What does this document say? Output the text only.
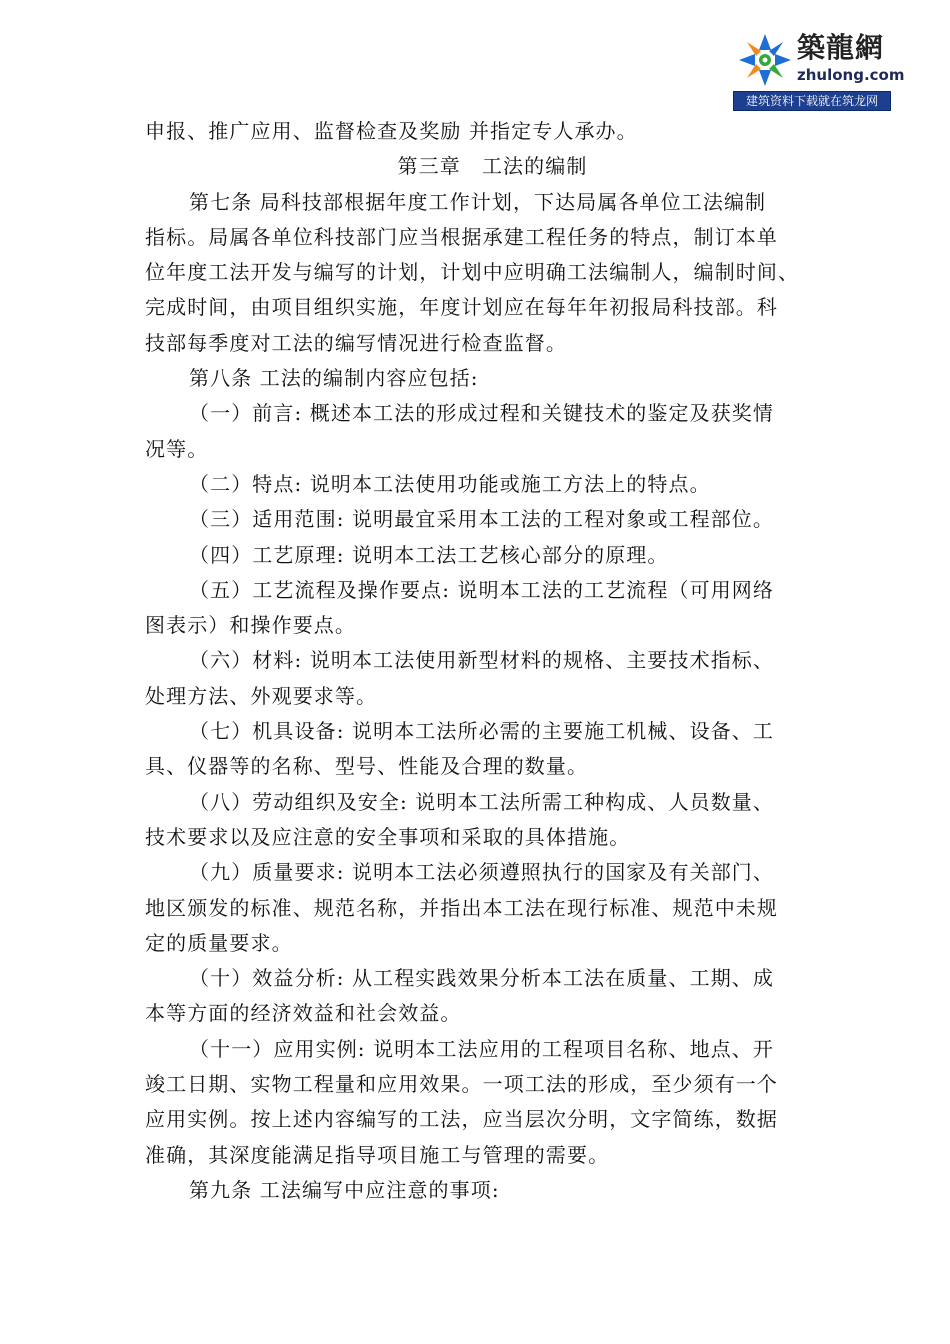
築龍網
zhulong.com
建筑资料下载就在筑龙网
申报、推广应用、监督检查及奖励 并指定专人承办。
第三章　工法的编制
第七条 局科技部根据年度工作计划，下达局属各单位工法编制
指标。局属各单位科技部门应当根据承建工程任务的特点，制订本单
位年度工法开发与编写的计划，计划中应明确工法编制人，编制时间、
完成时间，由项目组织实施，年度计划应在每年年初报局科技部。科
技部每季度对工法的编写情况进行检查监督。
第八条 工法的编制内容应包括:
（一）前言: 概述本工法的形成过程和关键技术的鉴定及获奖情
况等。
（二）特点: 说明本工法使用功能或施工方法上的特点。
（三）适用范围: 说明最宜采用本工法的工程对象或工程部位。
（四）工艺原理: 说明本工法工艺核心部分的原理。
（五）工艺流程及操作要点: 说明本工法的工艺流程（可用网络
图表示）和操作要点。
（六）材料: 说明本工法使用新型材料的规格、主要技术指标、
处理方法、外观要求等。
（七）机具设备: 说明本工法所必需的主要施工机械、设备、工
具、仪器等的名称、型号、性能及合理的数量。
（八）劳动组织及安全: 说明本工法所需工种构成、人员数量、
技术要求以及应注意的安全事项和采取的具体措施。
（九）质量要求: 说明本工法必须遵照执行的国家及有关部门、
地区颁发的标准、规范名称，并指出本工法在现行标准、规范中未规
定的质量要求。
（十）效益分析: 从工程实践效果分析本工法在质量、工期、成
本等方面的经济效益和社会效益。
（十一）应用实例: 说明本工法应用的工程项目名称、地点、开
竣工日期、实物工程量和应用效果。一项工法的形成，至少须有一个
应用实例。按上述内容编写的工法，应当层次分明，文字简练，数据
准确，其深度能满足指导项目施工与管理的需要。
第九条 工法编写中应注意的事项:
